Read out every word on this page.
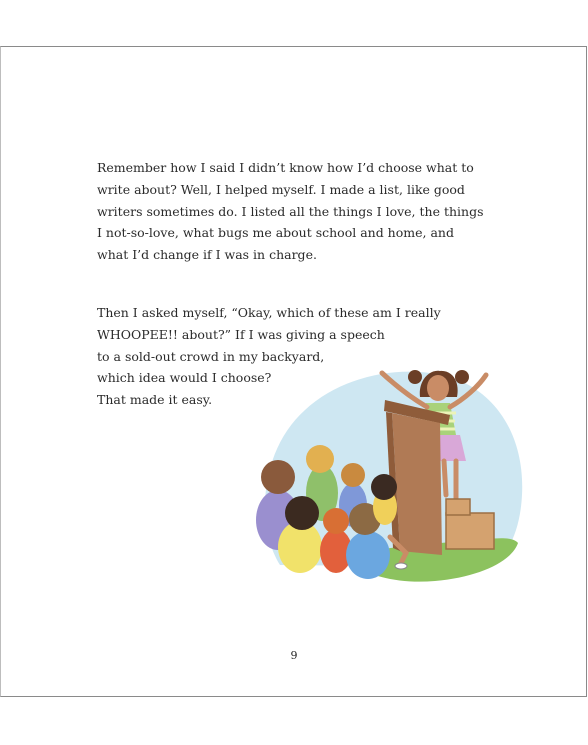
Remember how I said I didn’t know how I’d choose what to
write about? Well, I helped myself. I made a list, like good
writers sometimes do. I listed all the things I love, the things
I not-so-love, what bugs me about school and home, and
what I’d change if I was in charge.

Then I asked myself, “Okay, which of these am I really
WHOOPEE!! about?” If I was giving a speech
to a sold-out crowd in my backyard,
which idea would I choose?
That made it easy.

9
